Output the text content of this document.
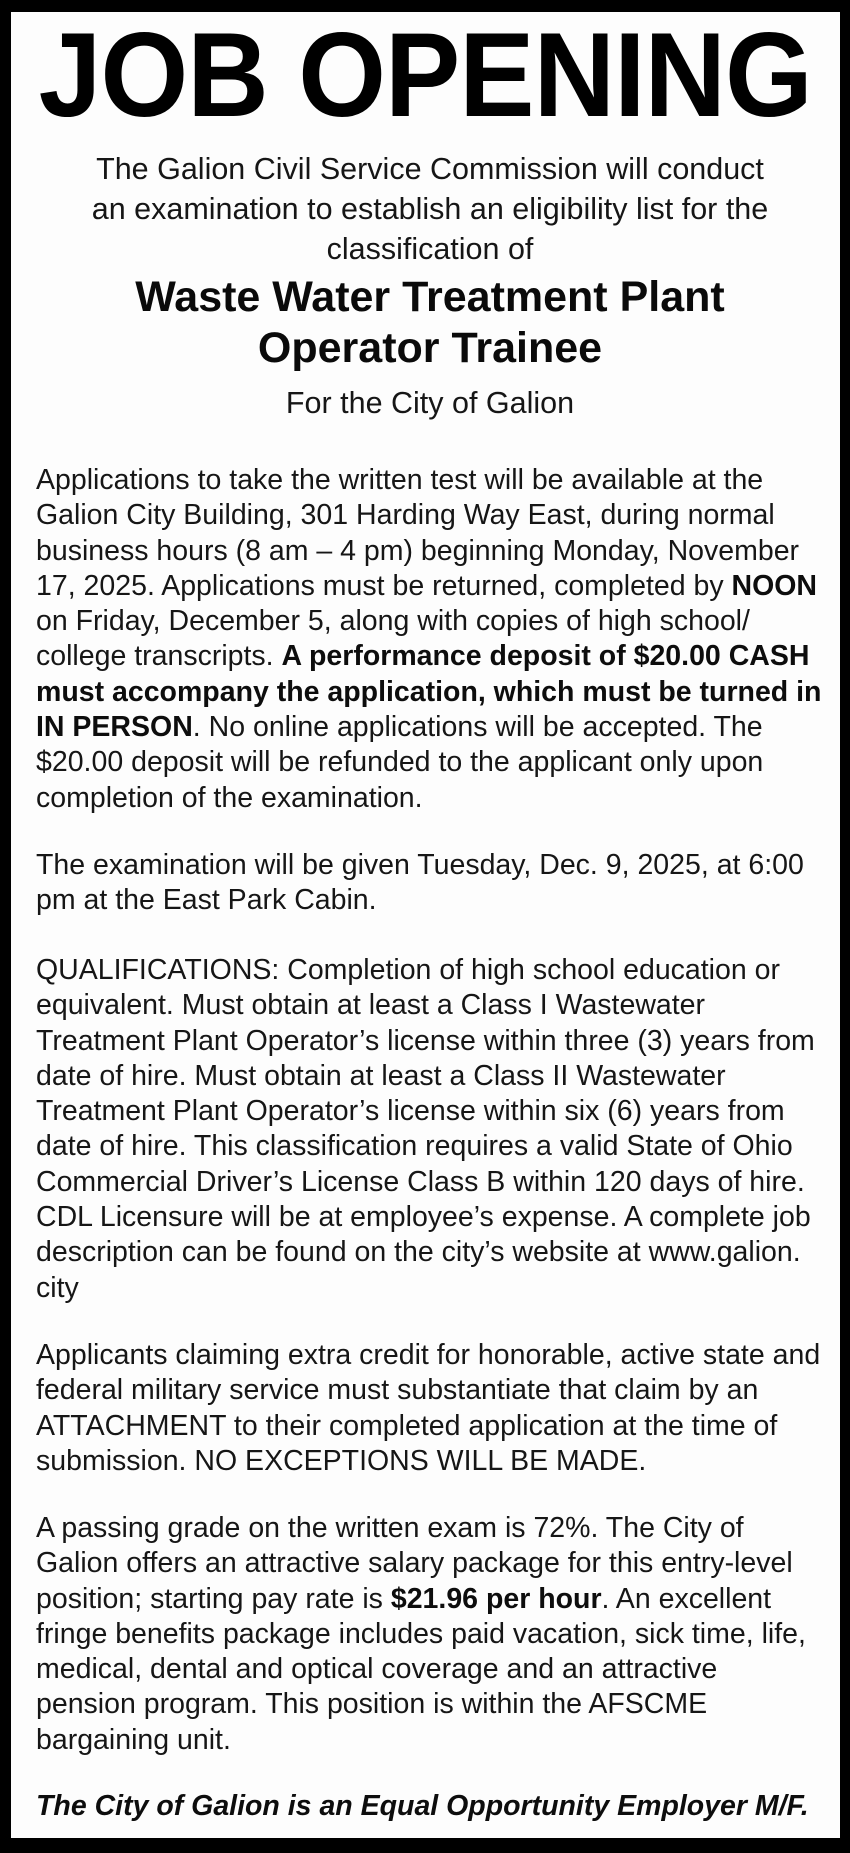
JOB OPENING
The Galion Civil Service Commission will conduct
an examination to establish an eligibility list for the
classification of
Waste Water Treatment Plant
Operator Trainee
For the City of Galion

Applications to take the written test will be available at the Galion City Building, 301 Harding Way East, during normal business hours (8 am – 4 pm) beginning Monday, November 17, 2025. Applications must be returned, completed by NOON on Friday, December 5, along with copies of high school/ college transcripts. A performance deposit of $20.00 CASH must accompany the application, which must be turned in IN PERSON. No online applications will be accepted. The $20.00 deposit will be refunded to the applicant only upon completion of the examination.

The examination will be given Tuesday, Dec. 9, 2025, at 6:00 pm at the East Park Cabin.

QUALIFICATIONS: Completion of high school education or equivalent. Must obtain at least a Class I Wastewater Treatment Plant Operator’s license within three (3) years from date of hire. Must obtain at least a Class II Wastewater Treatment Plant Operator’s license within six (6) years from date of hire. This classification requires a valid State of Ohio Commercial Driver’s License Class B within 120 days of hire. CDL Licensure will be at employee’s expense. A complete job description can be found on the city’s website at www.galion. city

Applicants claiming extra credit for honorable, active state and federal military service must substantiate that claim by an ATTACHMENT to their completed application at the time of submission. NO EXCEPTIONS WILL BE MADE.

A passing grade on the written exam is 72%. The City of Galion offers an attractive salary package for this entry-level position; starting pay rate is $21.96 per hour. An excellent fringe benefits package includes paid vacation, sick time, life, medical, dental and optical coverage and an attractive pension program. This position is within the AFSCME bargaining unit.

The City of Galion is an Equal Opportunity Employer M/F.
